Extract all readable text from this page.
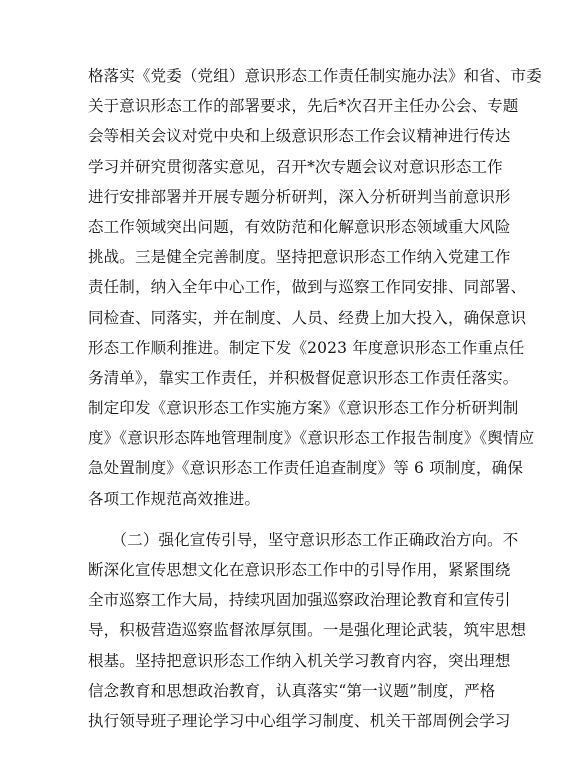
格落实《党委（党组）意识形态工作责任制实施办法》和省、市委
关于意识形态工作的部署要求，先后*次召开主任办公会、专题
会等相关会议对党中央和上级意识形态工作会议精神进行传达
学习并研究贯彻落实意见，召开*次专题会议对意识形态工作
进行安排部署并开展专题分析研判，深入分析研判当前意识形
态工作领域突出问题，有效防范和化解意识形态领域重大风险
挑战。三是健全完善制度。坚持把意识形态工作纳入党建工作
责任制，纳入全年中心工作，做到与巡察工作同安排、同部署、
同检查、同落实，并在制度、人员、经费上加大投入，确保意识
形态工作顺利推进。制定下发《2023 年度意识形态工作重点任
务清单》，靠实工作责任，并积极督促意识形态工作责任落实。
制定印发《意识形态工作实施方案》《意识形态工作分析研判制
度》《意识形态阵地管理制度》《意识形态工作报告制度》《舆情应
急处置制度》《意识形态工作责任追查制度》等 6 项制度，确保
各项工作规范高效推进。
　　（二）强化宣传引导，坚守意识形态工作正确政治方向。不
断深化宣传思想文化在意识形态工作中的引导作用，紧紧围绕
全市巡察工作大局，持续巩固加强巡察政治理论教育和宣传引
导，积极营造巡察监督浓厚氛围。一是强化理论武装，筑牢思想
根基。坚持把意识形态工作纳入机关学习教育内容，突出理想
信念教育和思想政治教育，认真落实“第一议题”制度，严格
执行领导班子理论学习中心组学习制度、机关干部周例会学习
